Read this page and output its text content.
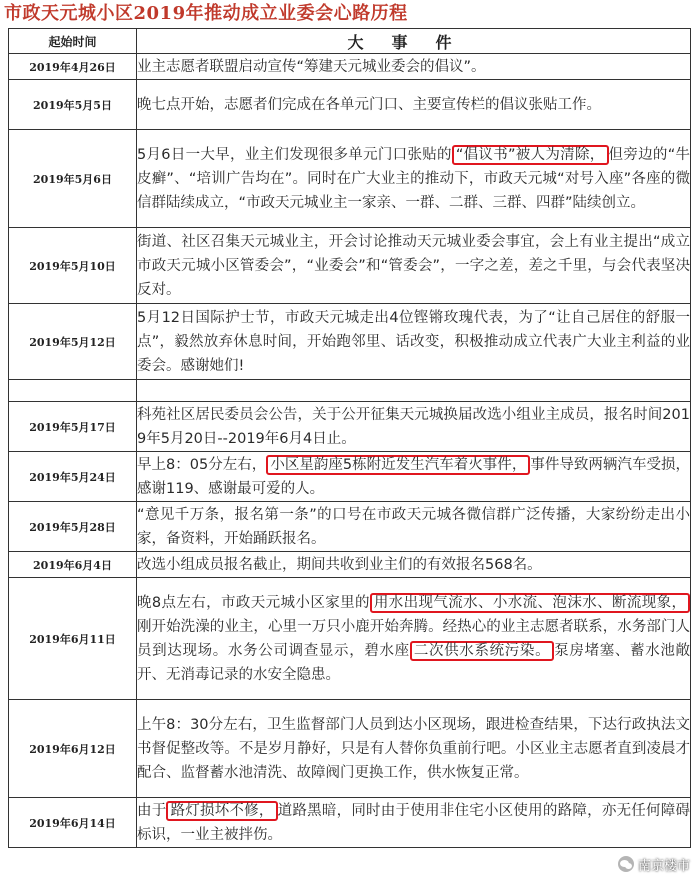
市政天元城小区2019年推动成立业委会心路历程
起始时间	大事件
2019年4月26日	业主志愿者联盟启动宣传“筹建天元城业委会的倡议”。
2019年5月5日	晚七点开始，志愿者们完成在各单元门口、主要宣传栏的倡议张贴工作。
2019年5月6日	5月6日一大早，业主们发现很多单元门口张贴的 “倡议书”被人为清除， 但旁边的“牛皮癣”、“培训广告均在”。同时在广大业主的推动下，市政天元城“对号入座”各座的微信群陆续成立，“市政天元城业主一家亲、一群、二群、三群、四群”陆续创立。
2019年5月10日	街道、社区召集天元城业主，开会讨论推动天元城业委会事宜，会上有业主提出“成立市政天元城小区管委会”，“业委会”和“管委会”，一字之差，差之千里，与会代表坚决反对。
2019年5月12日	5月12日国际护士节，市政天元城走出4位铿锵玫瑰代表，为了“让自己居住的舒服一点”，毅然放弃休息时间，开始跑邻里、话改变，积极推动成立代表广大业主利益的业委会。感谢她们!

2019年5月17日	科苑社区居民委员会公告，关于公开征集天元城换届改选小组业主成员，报名时间2019年5月20日--2019年6月4日止。
2019年5月24日	早上8：05分左右， 小区星韵座5栋附近发生汽车着火事件， 事件导致两辆汽车受损，感谢119、感谢最可爱的人。
2019年5月28日	“意见千万条，报名第一条”的口号在市政天元城各微信群广泛传播，大家纷纷走出小家，备资料，开始踊跃报名。
2019年6月4日	改选小组成员报名截止，期间共收到业主们的有效报名568名。
2019年6月11日	晚8点左右，市政天元城小区家里的 用水出现气流水、小水流、泡沫水、断流现象，刚开始洗澡的业主，心里一万只小鹿开始奔腾。经热心的业主志愿者联系，水务部门人员到达现场。水务公司调查显示，碧水座 二次供水系统污染。 泵房堵塞、蓄水池敞开、无消毒记录的水安全隐患。
2019年6月12日	上午8：30分左右，卫生监督部门人员到达小区现场，跟进检查结果，下达行政执法文书督促整改等。不是岁月静好，只是有人替你负重前行吧。小区业主志愿者直到凌晨才配合、监督蓄水池清洗、故障阀门更换工作，供水恢复正常。
2019年6月14日	由于 路灯损坏不修， 道路黑暗，同时由于使用非住宅小区使用的路障，亦无任何障碍标识，一业主被拌伤。
南京楼市
